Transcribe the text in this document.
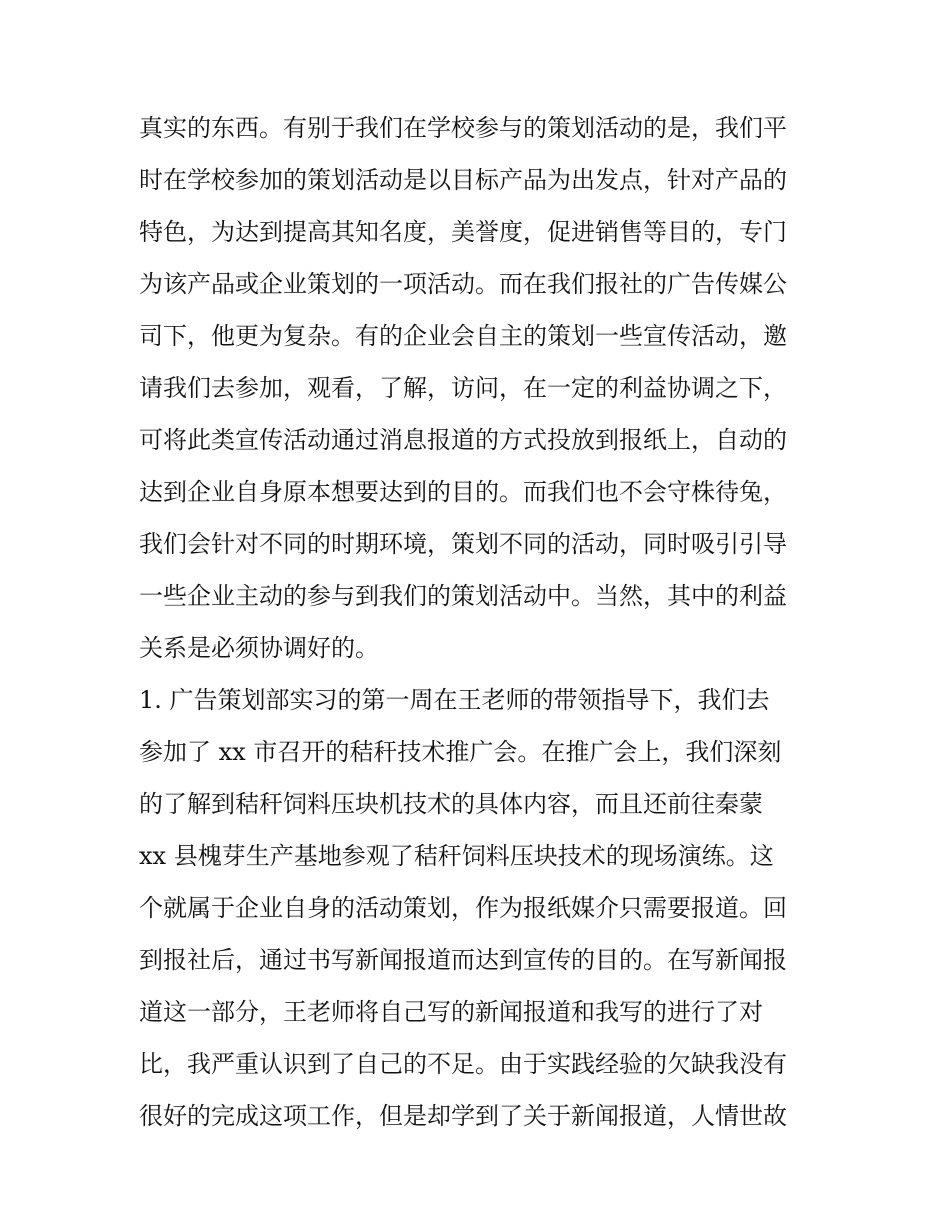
真实的东西。有别于我们在学校参与的策划活动的是，我们平
时在学校参加的策划活动是以目标产品为出发点，针对产品的
特色，为达到提高其知名度，美誉度，促进销售等目的，专门
为该产品或企业策划的一项活动。而在我们报社的广告传媒公
司下，他更为复杂。有的企业会自主的策划一些宣传活动，邀
请我们去参加，观看，了解，访问，在一定的利益协调之下，
可将此类宣传活动通过消息报道的方式投放到报纸上，自动的
达到企业自身原本想要达到的目的。而我们也不会守株待兔，
我们会针对不同的时期环境，策划不同的活动，同时吸引引导
一些企业主动的参与到我们的策划活动中。当然，其中的利益
关系是必须协调好的。
1. 广告策划部实习的第一周在王老师的带领指导下，我们去
参加了 xx 市召开的秸秆技术推广会。在推广会上，我们深刻
的了解到秸秆饲料压块机技术的具体内容，而且还前往秦蒙
xx 县槐芽生产基地参观了秸秆饲料压块技术的现场演练。这
个就属于企业自身的活动策划，作为报纸媒介只需要报道。回
到报社后，通过书写新闻报道而达到宣传的目的。在写新闻报
道这一部分，王老师将自己写的新闻报道和我写的进行了对
比，我严重认识到了自己的不足。由于实践经验的欠缺我没有
很好的完成这项工作，但是却学到了关于新闻报道，人情世故
